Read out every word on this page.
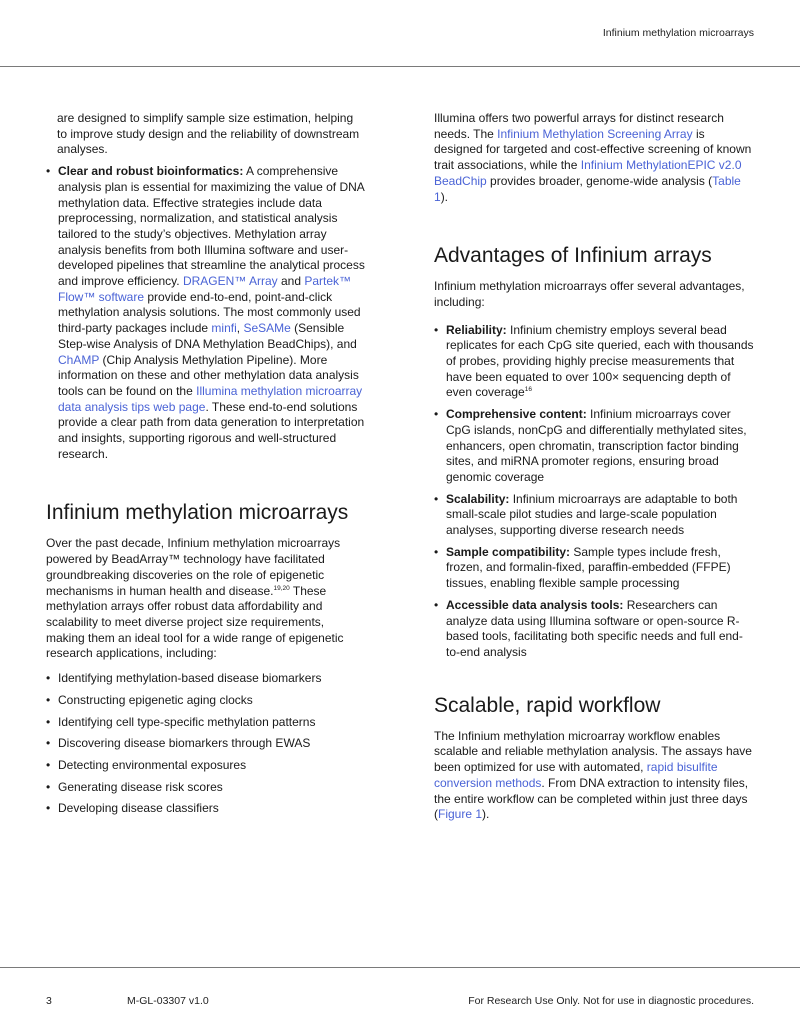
Infinium methylation microarrays

are designed to simplify sample size estimation, helping to improve study design and the reliability of downstream analyses.

• Clear and robust bioinformatics: A comprehensive analysis plan is essential for maximizing the value of DNA methylation data. Effective strategies include data preprocessing, normalization, and statistical analysis tailored to the study’s objectives. Methylation array analysis benefits from both Illumina software and user-developed pipelines that streamline the analytical process and improve efficiency. DRAGEN™ Array and Partek™ Flow™ software provide end-to-end, point-and-click methylation analysis solutions. The most commonly used third-party packages include minfi, SeSAMe (Sensible Step-wise Analysis of DNA Methylation BeadChips), and ChAMP (Chip Analysis Methylation Pipeline). More information on these and other methylation data analysis tools can be found on the Illumina methylation microarray data analysis tips web page. These end-to-end solutions provide a clear path from data generation to interpretation and insights, supporting rigorous and well-structured research.
Infinium methylation microarrays

Over the past decade, Infinium methylation microarrays powered by BeadArray™ technology have facilitated groundbreaking discoveries on the role of epigenetic mechanisms in human health and disease.$^{19,20}$ These methylation arrays offer robust data affordability and scalability to meet diverse project size requirements, making them an ideal tool for a wide range of epigenetic research applications, including:

• Identifying methylation-based disease biomarkers
• Constructing epigenetic aging clocks
• Identifying cell type-specific methylation patterns
• Discovering disease biomarkers through EWAS
• Detecting environmental exposures
• Generating disease risk scores
• Developing disease classifiers

Illumina offers two powerful arrays for distinct research needs. The Infinium Methylation Screening Array is designed for targeted and cost-effective screening of known trait associations, while the Infinium MethylationEPIC v2.0 BeadChip provides broader, genome-wide analysis (Table 1).

Advantages of Infinium arrays

Infinium methylation microarrays offer several advantages, including:

• Reliability: Infinium chemistry employs several bead replicates for each CpG site queried, each with thousands of probes, providing highly precise measurements that have been equated to over 100× sequencing depth of even coverage$^{16}$
• Comprehensive content: Infinium microarrays cover CpG islands, nonCpG and differentially methylated sites, enhancers, open chromatin, transcription factor binding sites, and miRNA promoter regions, ensuring broad genomic coverage
• Scalability: Infinium microarrays are adaptable to both small-scale pilot studies and large-scale population analyses, supporting diverse research needs
• Sample compatibility: Sample types include fresh, frozen, and formalin-fixed, paraffin-embedded (FFPE) tissues, enabling flexible sample processing
• Accessible data analysis tools: Researchers can analyze data using Illumina software or open-source R-based tools, facilitating both specific needs and full end-to-end analysis
Scalable, rapid workflow

The Infinium methylation microarray workflow enables scalable and reliable methylation analysis. The assays have been optimized for use with automated, rapid bisulfite conversion methods. From DNA extraction to intensity files, the entire workflow can be completed within just three days (Figure 1).

3	M-GL-03307 v1.0	For Research Use Only. Not for use in diagnostic procedures.
